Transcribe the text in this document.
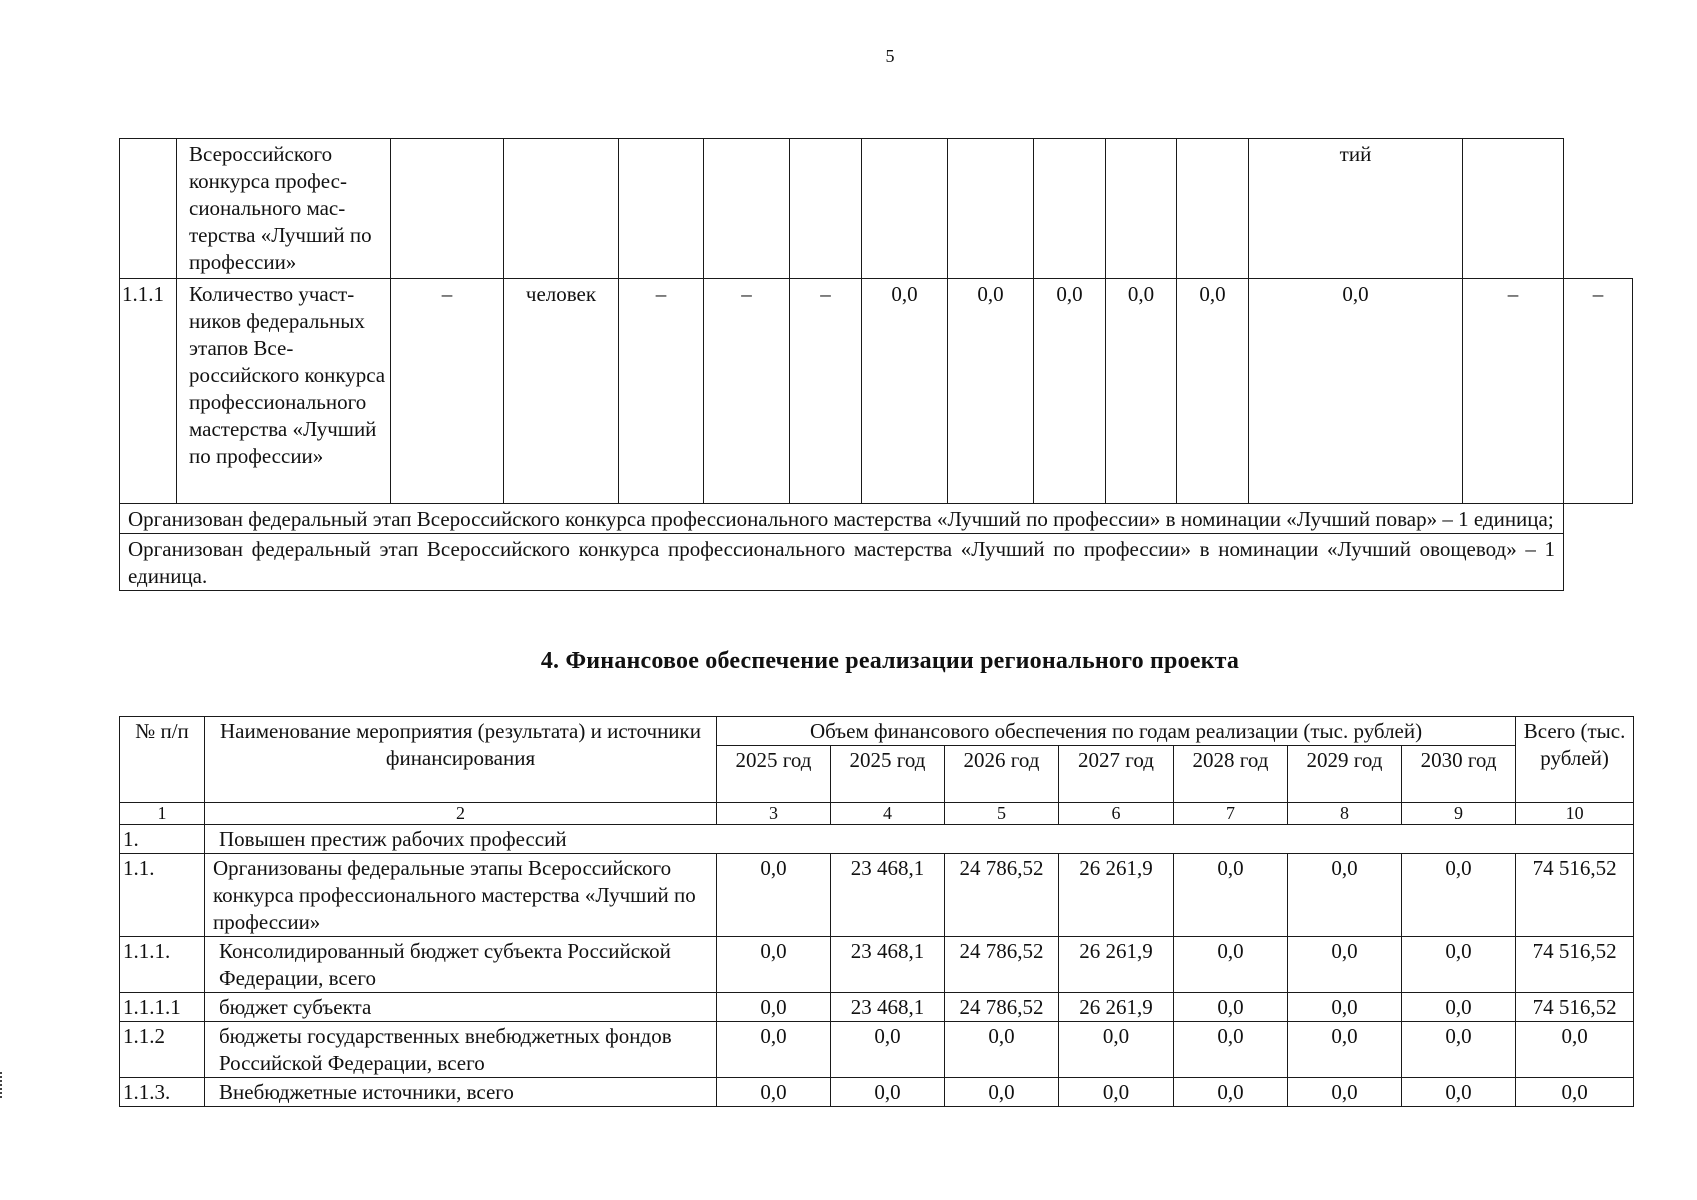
5
	Всероссийского конкурса профессионального мастерства «Лучший по профессии»											тий		
1.1.1	Количество участников федеральных этапов Всероссийского конкурса профессионального мастерства «Лучший по профессии»	–	человек	–	–	–	0,0	0,0	0,0	0,0	0,0	0,0	–	–
Организован федеральный этап Всероссийского конкурса профессионального мастерства «Лучший по профессии» в номинации «Лучший повар» – 1 единица;														
Организован федеральный этап Всероссийского конкурса профессионального мастерства «Лучший по профессии» в номинации «Лучший овощевод» – 1 единица.														
4. Финансовое обеспечение реализации регионального проекта
№ п/п	Наименование мероприятия (результата) и источники финансирования	Объем финансового обеспечения по годам реализации (тыс. рублей)							Всего (тыс. рублей)
		2025 год	2025 год	2026 год	2027 год	2028 год	2029 год	2030 год	
1	2	3	4	5	6	7	8	9	10
1.	Повышен престиж рабочих профессий								
1.1.	Организованы федеральные этапы Всероссийского конкурса профессионального мастерства «Лучший по профессии»	0,0	23 468,1	24 786,52	26 261,9	0,0	0,0	0,0	74 516,52
1.1.1.	Консолидированный бюджет субъекта Российской Федерации, всего	0,0	23 468,1	24 786,52	26 261,9	0,0	0,0	0,0	74 516,52
1.1.1.1	бюджет субъекта	0,0	23 468,1	24 786,52	26 261,9	0,0	0,0	0,0	74 516,52
1.1.2	бюджеты государственных внебюджетных фондов Российской Федерации, всего	0,0	0,0	0,0	0,0	0,0	0,0	0,0	0,0
1.1.3.	Внебюджетные источники, всего	0,0	0,0	0,0	0,0	0,0	0,0	0,0	0,0
